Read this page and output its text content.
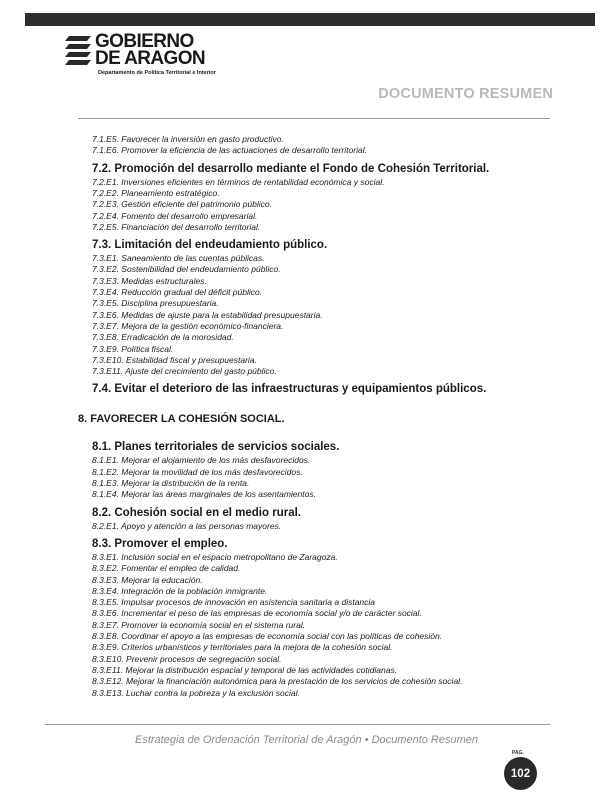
GOBIERNO
DE ARAGON
Departamento de Política Territorial e Interior
DOCUMENTO RESUMEN
7.1.E5. Favorecer la inversión en gasto productivo.
7.1.E6. Promover la eficiencia de las actuaciones de desarrollo territorial.
7.2. Promoción del desarrollo mediante el Fondo de Cohesión Territorial.
7.2.E1. Inversiones eficientes en términos de rentabilidad económica y social.
7.2.E2. Planeamiento estratégico.
7.2.E3. Gestión eficiente del patrimonio público.
7.2.E4. Fomento del desarrollo empresarial.
7.2.E5. Financiación del desarrollo territorial.
7.3. Limitación del endeudamiento público.
7.3.E1. Saneamiento de las cuentas públicas.
7.3.E2. Sostenibilidad del endeudamiento público.
7.3.E3. Medidas estructurales.
7.3.E4. Reducción gradual del déficit público.
7.3.E5. Disciplina presupuestaria.
7.3.E6. Medidas de ajuste para la estabilidad presupuestaria.
7.3.E7. Mejora de la gestión económico-financiera.
7.3.E8. Erradicación de la morosidad.
7.3.E9. Política fiscal.
7.3.E10. Estabilidad fiscal y presupuestaria.
7.3.E11. Ajuste del crecimiento del gasto público.
7.4. Evitar el deterioro de las infraestructuras y equipamientos públicos.
8. FAVORECER LA COHESIÓN SOCIAL.
8.1. Planes territoriales de servicios sociales.
8.1.E1. Mejorar el alojamiento de los más desfavorecidos.
8.1.E2. Mejorar la movilidad de los más desfavorecidos.
8.1.E3. Mejorar la distribución de la renta.
8.1.E4. Mejorar las áreas marginales de los asentamientos.
8.2. Cohesión social en el medio rural.
8.2.E1. Apoyo y atención a las personas mayores.
8.3. Promover el empleo.
8.3.E1. Inclusión social en el espacio metropolitano de Zaragoza.
8.3.E2. Fomentar el empleo de calidad.
8.3.E3. Mejorar la educación.
8.3.E4. Integración de la población inmigrante.
8.3.E5. Impulsar procesos de innovación en asistencia sanitaria a distancia
8.3.E6. Incrementar el peso de las empresas de economía social y/o de carácter social.
8.3.E7. Promover la economía social en el sistema rural.
8.3.E8. Coordinar el apoyo a las empresas de economía social con las políticas de cohesión.
8.3.E9. Criterios urbanísticos y territoriales para la mejora de la cohesión social.
8.3.E10. Prevenir procesos de segregación social.
8.3.E11. Mejorar la distribución espacial y temporal de las actividades cotidianas.
8.3.E12. Mejorar la financiación autonómica para la prestación de los servicios de cohesión social.
8.3.E13. Luchar contra la pobreza y la exclusión social.
Estrategia de Ordenación Territorial de Aragón • Documento Resumen
PAG.
102
